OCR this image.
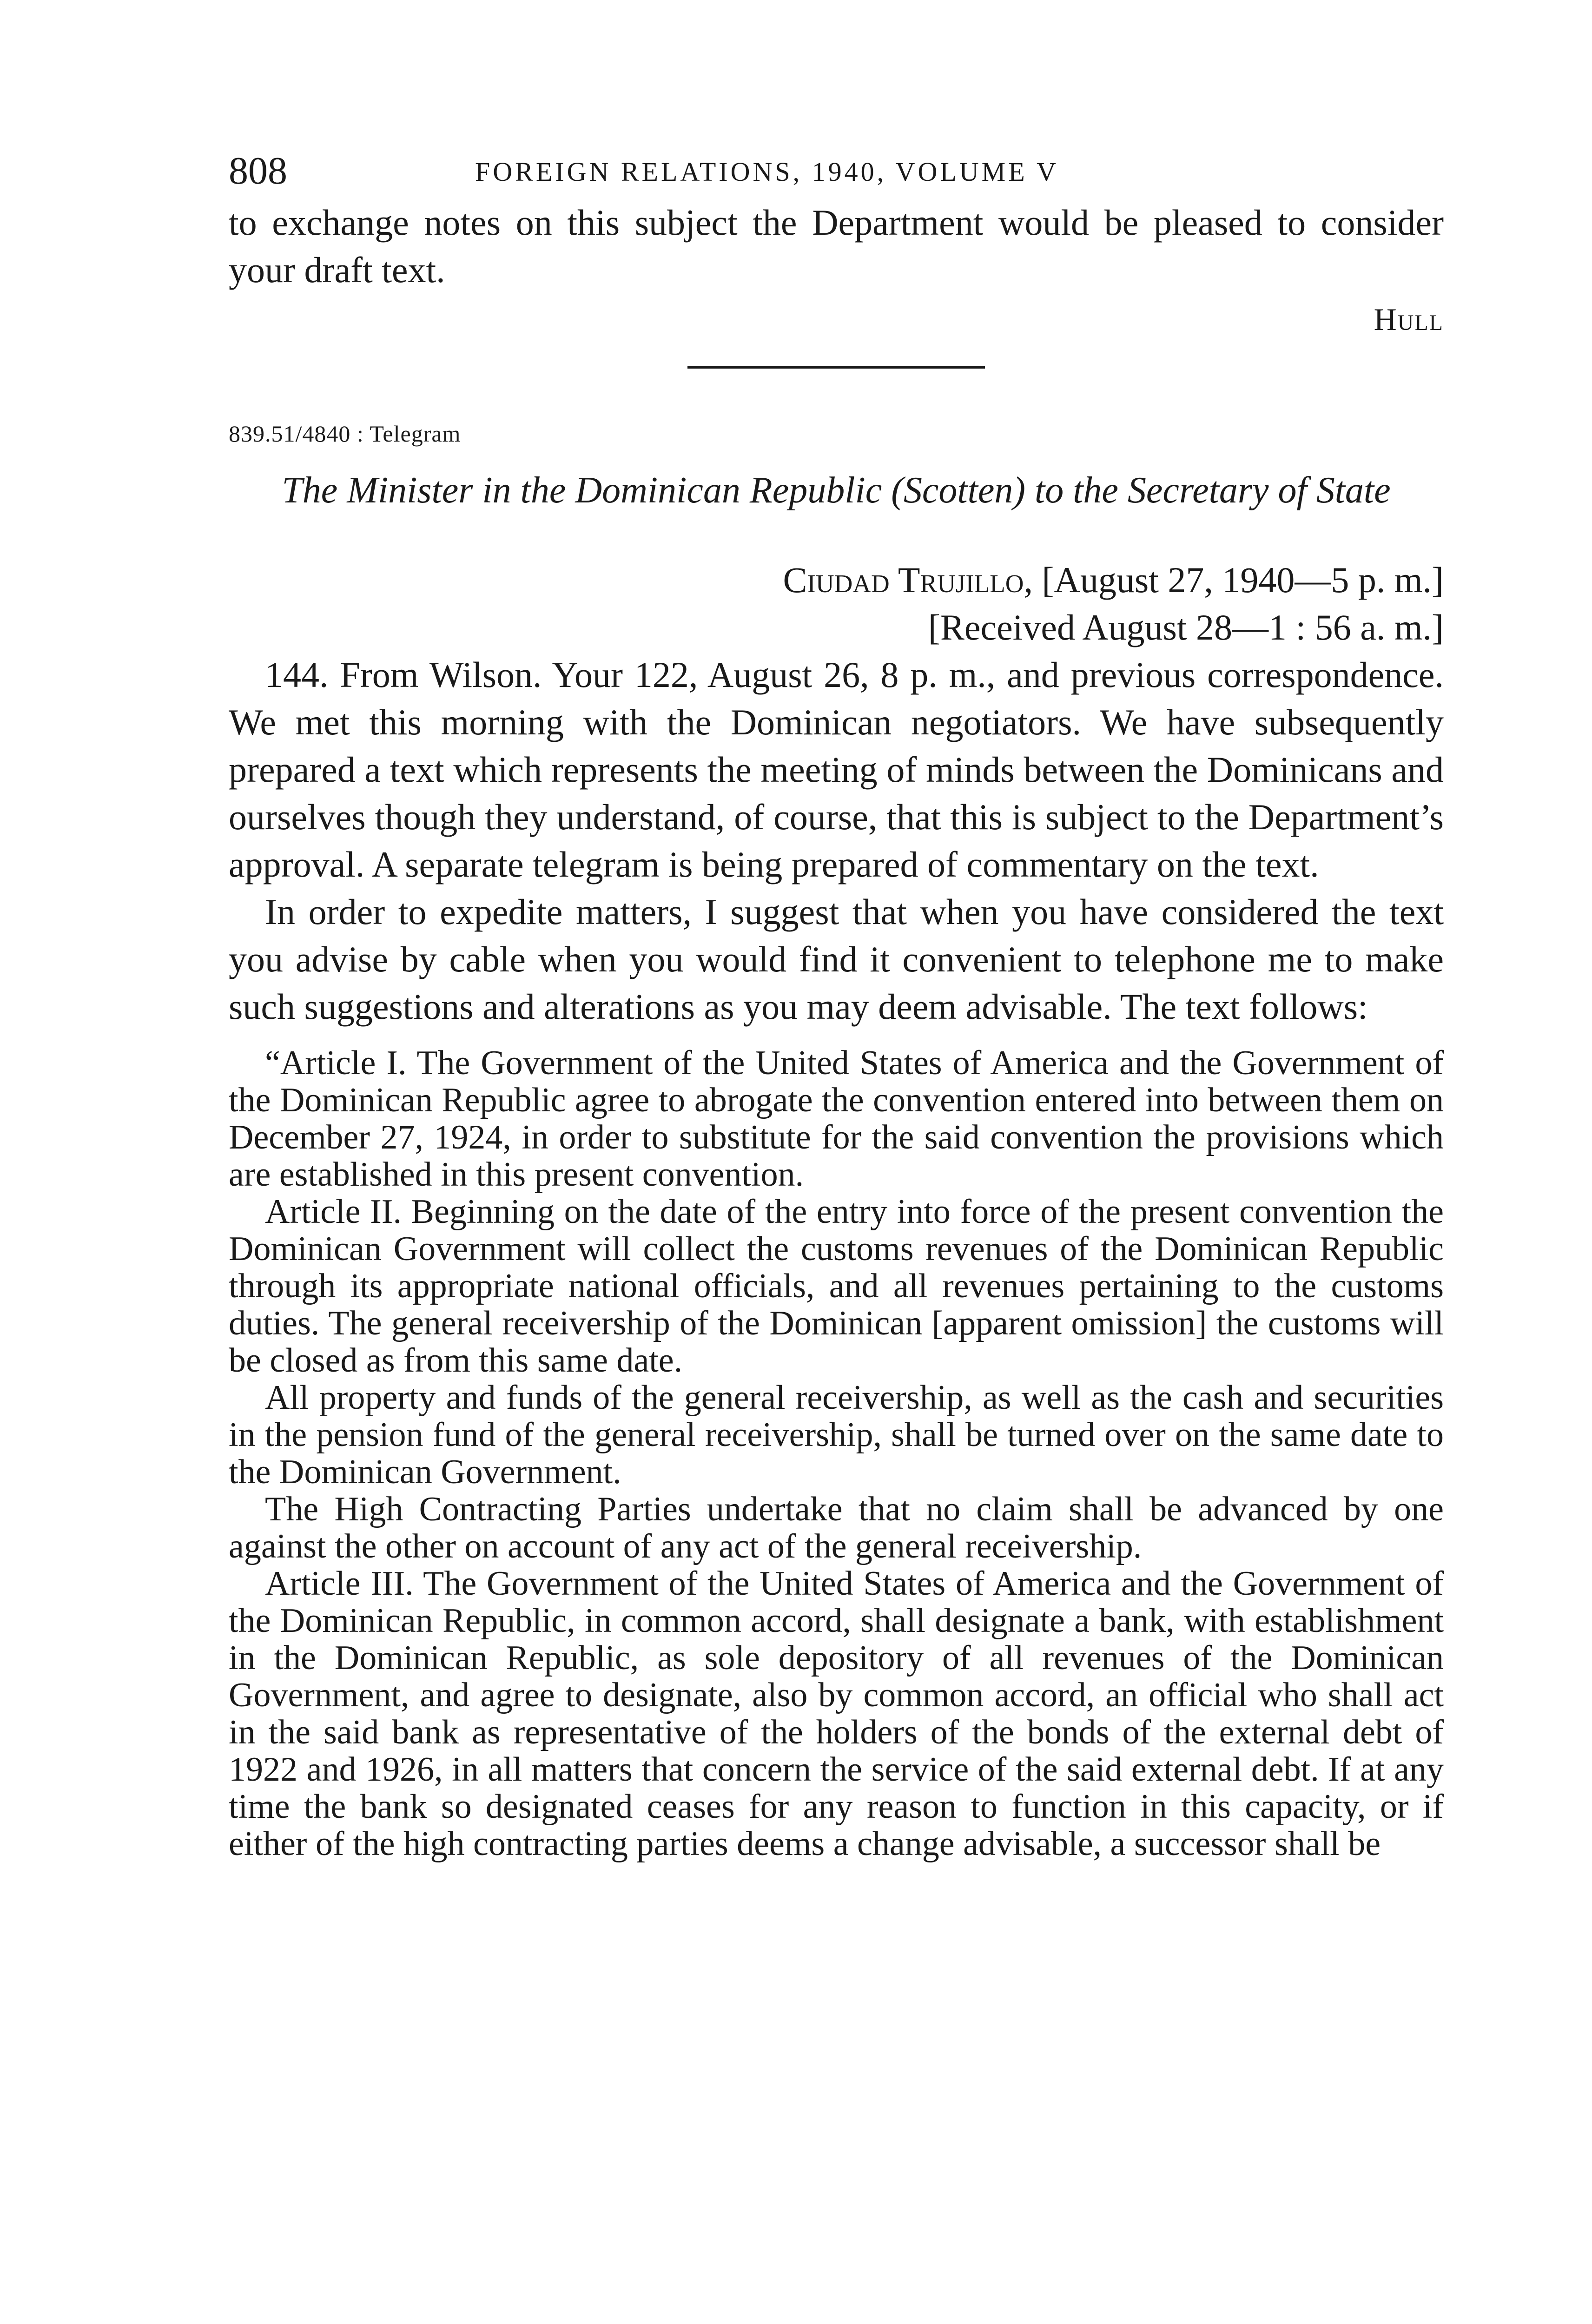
808	FOREIGN RELATIONS, 1940, VOLUME V

to exchange notes on this subject the Department would be pleased to consider your draft text.

Hull

839.51/4840 : Telegram

The Minister in the Dominican Republic (Scotten) to the Secretary of State

Ciudad Trujillo, [August 27, 1940—5 p. m.]

[Received August 28—1 : 56 a. m.]

144. From Wilson. Your 122, August 26, 8 p. m., and previous correspondence. We met this morning with the Dominican negotiators. We have subsequently prepared a text which represents the meeting of minds between the Dominicans and ourselves though they understand, of course, that this is subject to the Department’s approval. A separate telegram is being prepared of commentary on the text.

In order to expedite matters, I suggest that when you have considered the text you advise by cable when you would find it convenient to telephone me to make such suggestions and alterations as you may deem advisable. The text follows:

“Article I. The Government of the United States of America and the Government of the Dominican Republic agree to abrogate the convention entered into between them on December 27, 1924, in order to substitute for the said convention the provisions which are established in this present convention.

Article II. Beginning on the date of the entry into force of the present convention the Dominican Government will collect the customs revenues of the Dominican Republic through its appropriate national officials, and all revenues pertaining to the customs duties. The general receivership of the Dominican [apparent omission] the customs will be closed as from this same date.

All property and funds of the general receivership, as well as the cash and securities in the pension fund of the general receivership, shall be turned over on the same date to the Dominican Government.

The High Contracting Parties undertake that no claim shall be advanced by one against the other on account of any act of the general receivership.

Article III. The Government of the United States of America and the Government of the Dominican Republic, in common accord, shall designate a bank, with establishment in the Dominican Republic, as sole depository of all revenues of the Dominican Government, and agree to designate, also by common accord, an official who shall act in the said bank as representative of the holders of the bonds of the external debt of 1922 and 1926, in all matters that concern the service of the said external debt. If at any time the bank so designated ceases for any reason to function in this capacity, or if either of the high contracting parties deems a change advisable, a successor shall be
